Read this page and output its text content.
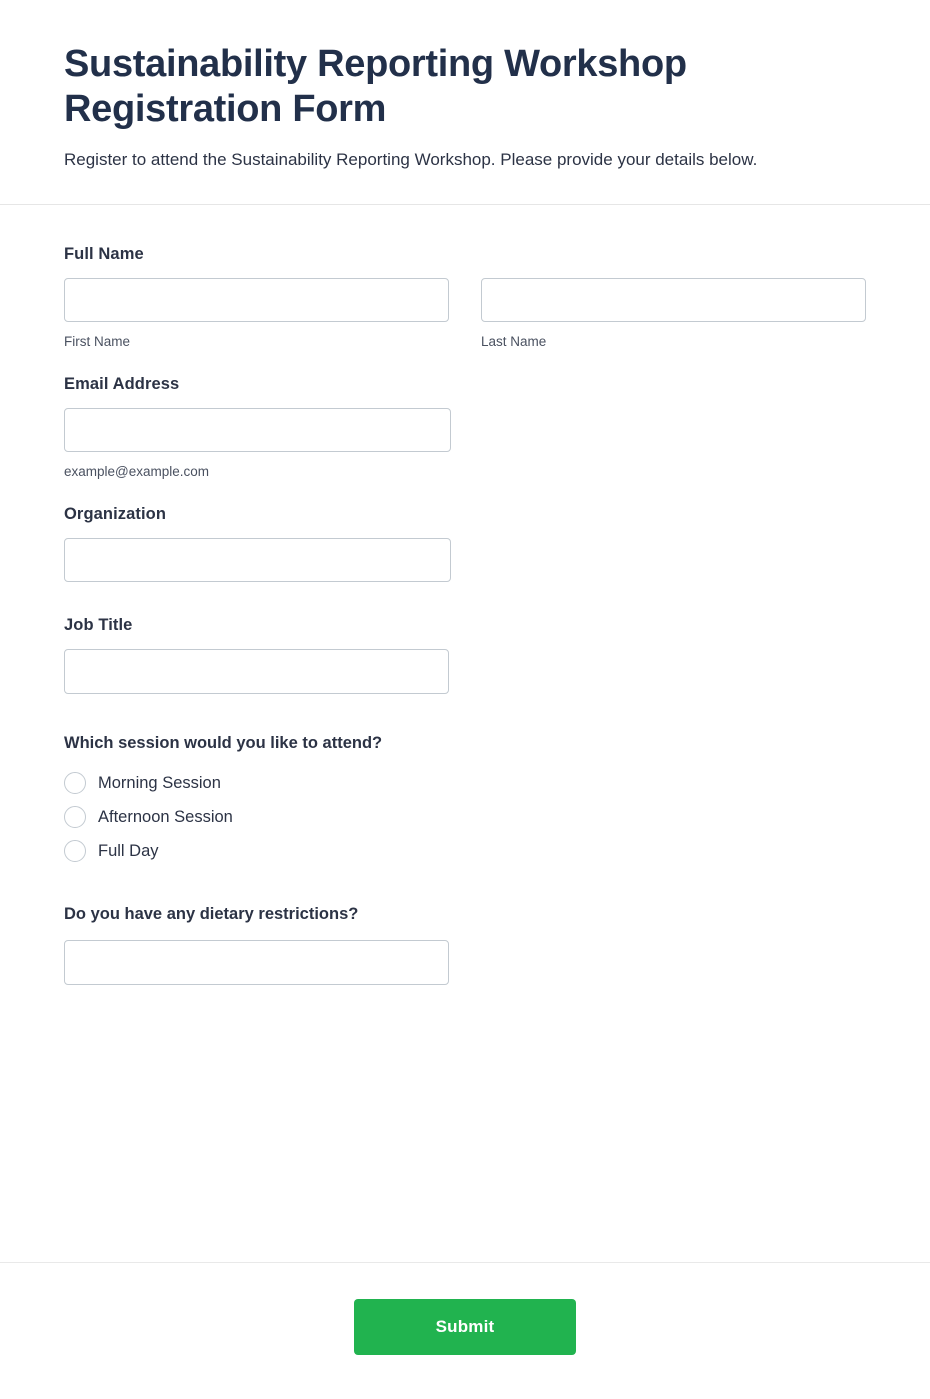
Sustainability Reporting Workshop Registration Form

Register to attend the Sustainability Reporting Workshop. Please provide your details below.

Full Name
First Name	Last Name
Email Address
example@example.com
Organization
Job Title
Which session would you like to attend?
Morning Session
Afternoon Session
Full Day
Do you have any dietary restrictions?
Submit
